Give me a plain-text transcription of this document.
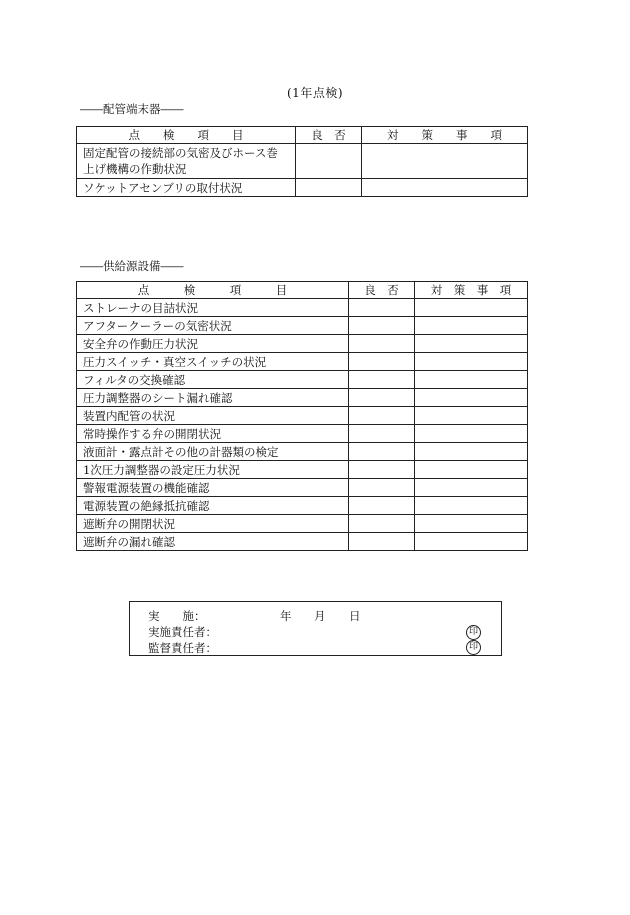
(1年点検)
――配管端末器――
点　　検　　項　　目	良　否	対　　策　　事　　項

固定配管の接続部の気密及びホース巻
上げ機構の作動状況		

ソケットアセンブリの取付状況		
――供給源設備――
点　　　検　　　項　　　目	良　否	対　策　事　項
ストレーナの目詰状況		
アフタークーラーの気密状況		
安全弁の作動圧力状況		
圧力スイッチ・真空スイッチの状況		
フィルタの交換確認		
圧力調整器のシート漏れ確認		
装置内配管の状況		
常時操作する弁の開閉状況		
液面計・露点計その他の計器類の検定		
1次圧力調整器の設定圧力状況		
警報電源装置の機能確認		
電源装置の絶縁抵抗確認		
遮断弁の開閉状況		
遮断弁の漏れ確認		
実　　施：	年 月 日
実施責任者：	印
監督責任者：	印
